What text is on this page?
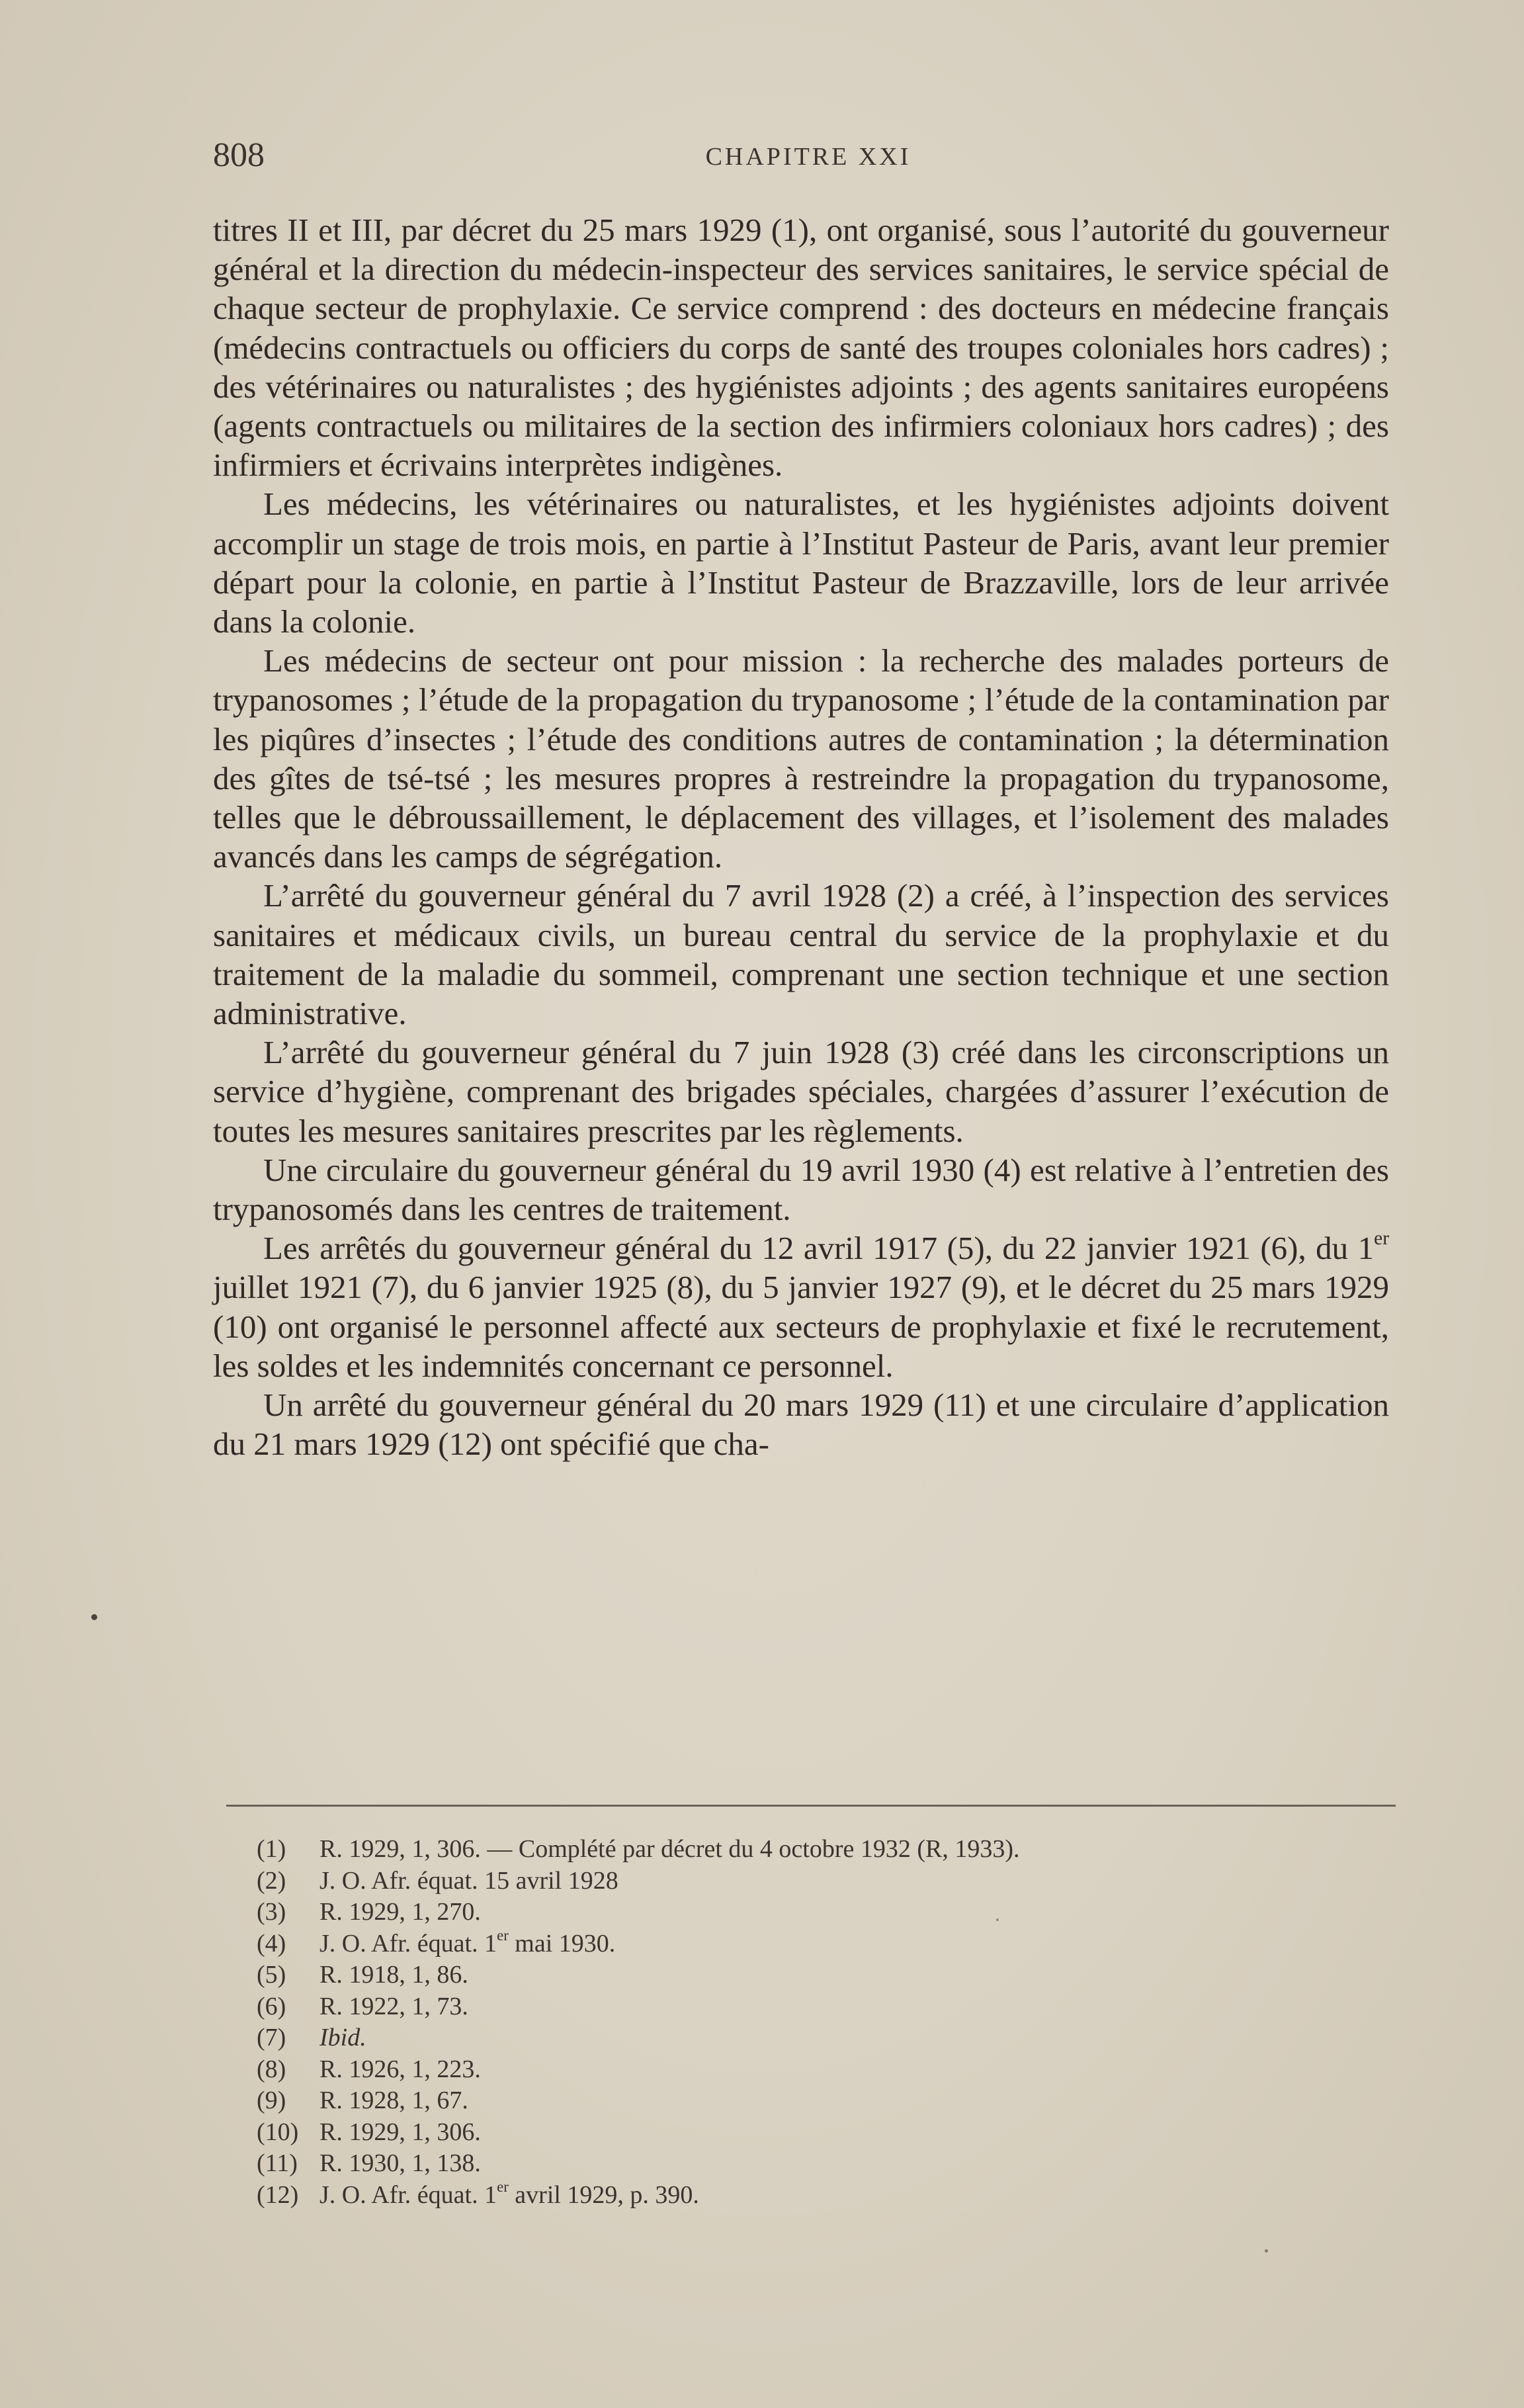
808	CHAPITRE XXI

titres II et III, par décret du 25 mars 1929 (1), ont organisé, sous l’autorité du gouverneur général et la direction du médecin-inspecteur des services sanitaires, le service spécial de chaque secteur de prophylaxie. Ce service comprend : des docteurs en médecine français (médecins contractuels ou officiers du corps de santé des troupes coloniales hors cadres) ; des vétérinaires ou naturalistes ; des hygiénistes adjoints ; des agents sanitaires européens (agents contractuels ou militaires de la section des infirmiers coloniaux hors cadres) ; des infirmiers et écrivains interprètes indigènes.

Les médecins, les vétérinaires ou naturalistes, et les hygiénistes adjoints doivent accomplir un stage de trois mois, en partie à l’Institut Pasteur de Paris, avant leur premier départ pour la colonie, en partie à l’Institut Pasteur de Brazzaville, lors de leur arrivée dans la colonie.

Les médecins de secteur ont pour mission : la recherche des malades porteurs de trypanosomes ; l’étude de la propagation du trypanosome ; l’étude de la contamination par les piqûres d’insectes ; l’étude des conditions autres de contamination ; la détermination des gîtes de tsé-tsé ; les mesures propres à restreindre la propagation du trypanosome, telles que le débroussaillement, le déplacement des villages, et l’isolement des malades avancés dans les camps de ségrégation.

L’arrêté du gouverneur général du 7 avril 1928 (2) a créé, à l’inspection des services sanitaires et médicaux civils, un bureau central du service de la prophylaxie et du traitement de la maladie du sommeil, comprenant une section technique et une section administrative.

L’arrêté du gouverneur général du 7 juin 1928 (3) créé dans les circonscriptions un service d’hygiène, comprenant des brigades spéciales, chargées d’assurer l’exécution de toutes les mesures sanitaires prescrites par les règlements.

Une circulaire du gouverneur général du 19 avril 1930 (4) est relative à l’entretien des trypanosomés dans les centres de traitement.

Les arrêtés du gouverneur général du 12 avril 1917 (5), du 22 janvier 1921 (6), du 1er juillet 1921 (7), du 6 janvier 1925 (8), du 5 janvier 1927 (9), et le décret du 25 mars 1929 (10) ont organisé le personnel affecté aux secteurs de prophylaxie et fixé le recrutement, les soldes et les indemnités concernant ce personnel.

Un arrêté du gouverneur général du 20 mars 1929 (11) et une circulaire d’application du 21 mars 1929 (12) ont spécifié que cha-

(1)	R. 1929, 1, 306. — Complété par décret du 4 octobre 1932 (R, 1933).
(2)	J. O. Afr. équat. 15 avril 1928
(3)	R. 1929, 1, 270.
(4)	J. O. Afr. équat. 1er mai 1930.
(5)	R. 1918, 1, 86.
(6)	R. 1922, 1, 73.
(7)	Ibid.
(8)	R. 1926, 1, 223.
(9)	R. 1928, 1, 67.
(10) R. 1929, 1, 306.
(11) R. 1930, 1, 138.
(12) J. O. Afr. équat. 1er avril 1929, p. 390.
